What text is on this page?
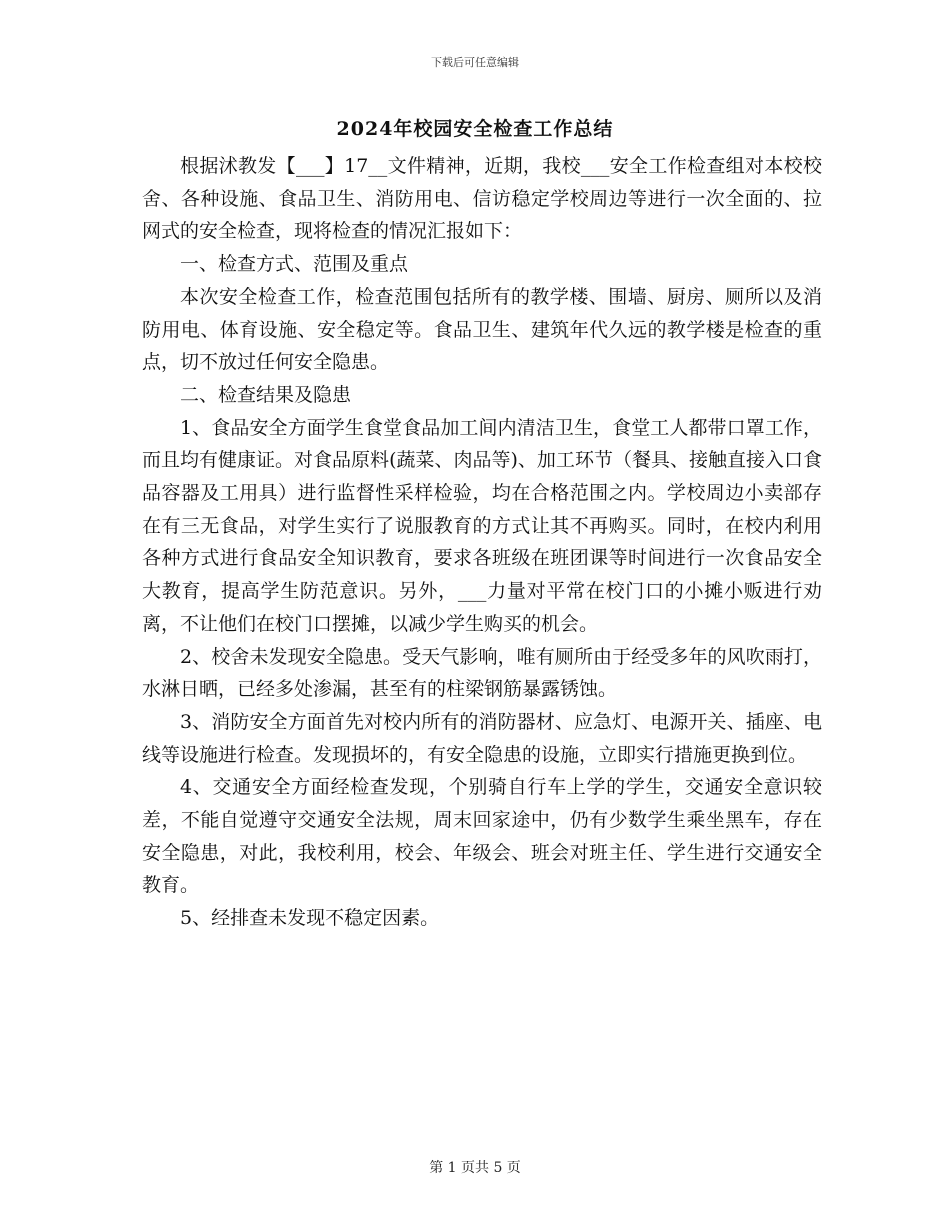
下载后可任意编辑
2024年校园安全检查工作总结

根据沭教发【___】17__文件精神，近期，我校___安全工作检查组对本校校舍、各种设施、食品卫生、消防用电、信访稳定学校周边等进行一次全面的、拉网式的安全检查，现将检查的情况汇报如下：

一、检查方式、范围及重点

本次安全检查工作，检查范围包括所有的教学楼、围墙、厨房、厕所以及消防用电、体育设施、安全稳定等。食品卫生、建筑年代久远的教学楼是检查的重点，切不放过任何安全隐患。

二、检查结果及隐患

1、食品安全方面学生食堂食品加工间内清洁卫生，食堂工人都带口罩工作，而且均有健康证。对食品原料(蔬菜、肉品等)、加工环节（餐具、接触直接入口食品容器及工用具）进行监督性采样检验，均在合格范围之内。学校周边小卖部存在有三无食品，对学生实行了说服教育的方式让其不再购买。同时，在校内利用各种方式进行食品安全知识教育，要求各班级在班团课等时间进行一次食品安全大教育，提高学生防范意识。另外，___力量对平常在校门口的小摊小贩进行劝离，不让他们在校门口摆摊，以减少学生购买的机会。

2、校舍未发现安全隐患。受天气影响，唯有厕所由于经受多年的风吹雨打，水淋日晒，已经多处渗漏，甚至有的柱梁钢筋暴露锈蚀。

3、消防安全方面首先对校内所有的消防器材、应急灯、电源开关、插座、电线等设施进行检查。发现损坏的，有安全隐患的设施，立即实行措施更换到位。

4、交通安全方面经检查发现，个别骑自行车上学的学生，交通安全意识较差，不能自觉遵守交通安全法规，周末回家途中，仍有少数学生乘坐黑车，存在安全隐患，对此，我校利用，校会、年级会、班会对班主任、学生进行交通安全教育。

5、经排查未发现不稳定因素。

第 1 页共 5 页
